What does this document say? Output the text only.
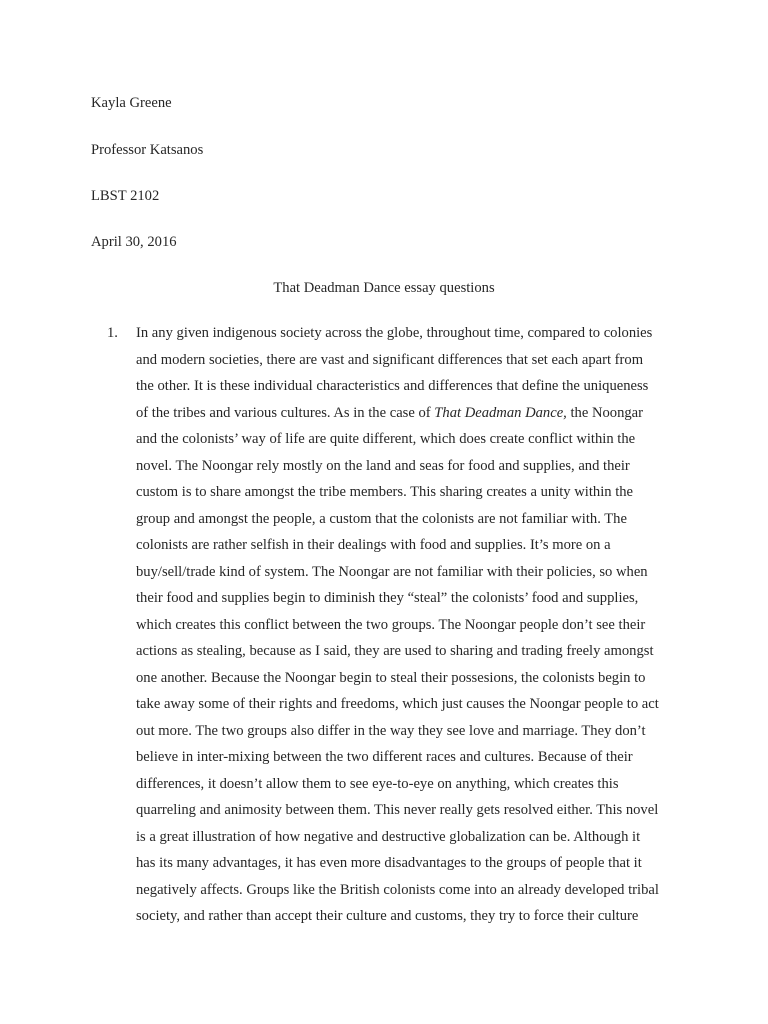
Kayla Greene
Professor Katsanos
LBST 2102
April 30, 2016
That Deadman Dance essay questions
1. In any given indigenous society across the globe, throughout time, compared to colonies
and modern societies, there are vast and significant differences that set each apart from
the other. It is these individual characteristics and differences that define the uniqueness
of the tribes and various cultures. As in the case of That Deadman Dance, the Noongar
and the colonists’ way of life are quite different, which does create conflict within the
novel. The Noongar rely mostly on the land and seas for food and supplies, and their
custom is to share amongst the tribe members. This sharing creates a unity within the
group and amongst the people, a custom that the colonists are not familiar with. The
colonists are rather selfish in their dealings with food and supplies. It’s more on a
buy/sell/trade kind of system. The Noongar are not familiar with their policies, so when
their food and supplies begin to diminish they “steal” the colonists’ food and supplies,
which creates this conflict between the two groups. The Noongar people don’t see their
actions as stealing, because as I said, they are used to sharing and trading freely amongst
one another. Because the Noongar begin to steal their possesions, the colonists begin to
take away some of their rights and freedoms, which just causes the Noongar people to act
out more. The two groups also differ in the way they see love and marriage. They don’t
believe in inter-mixing between the two different races and cultures. Because of their
differences, it doesn’t allow them to see eye-to-eye on anything, which creates this
quarreling and animosity between them. This never really gets resolved either. This novel
is a great illustration of how negative and destructive globalization can be. Although it
has its many advantages, it has even more disadvantages to the groups of people that it
negatively affects. Groups like the British colonists come into an already developed tribal
society, and rather than accept their culture and customs, they try to force their culture
